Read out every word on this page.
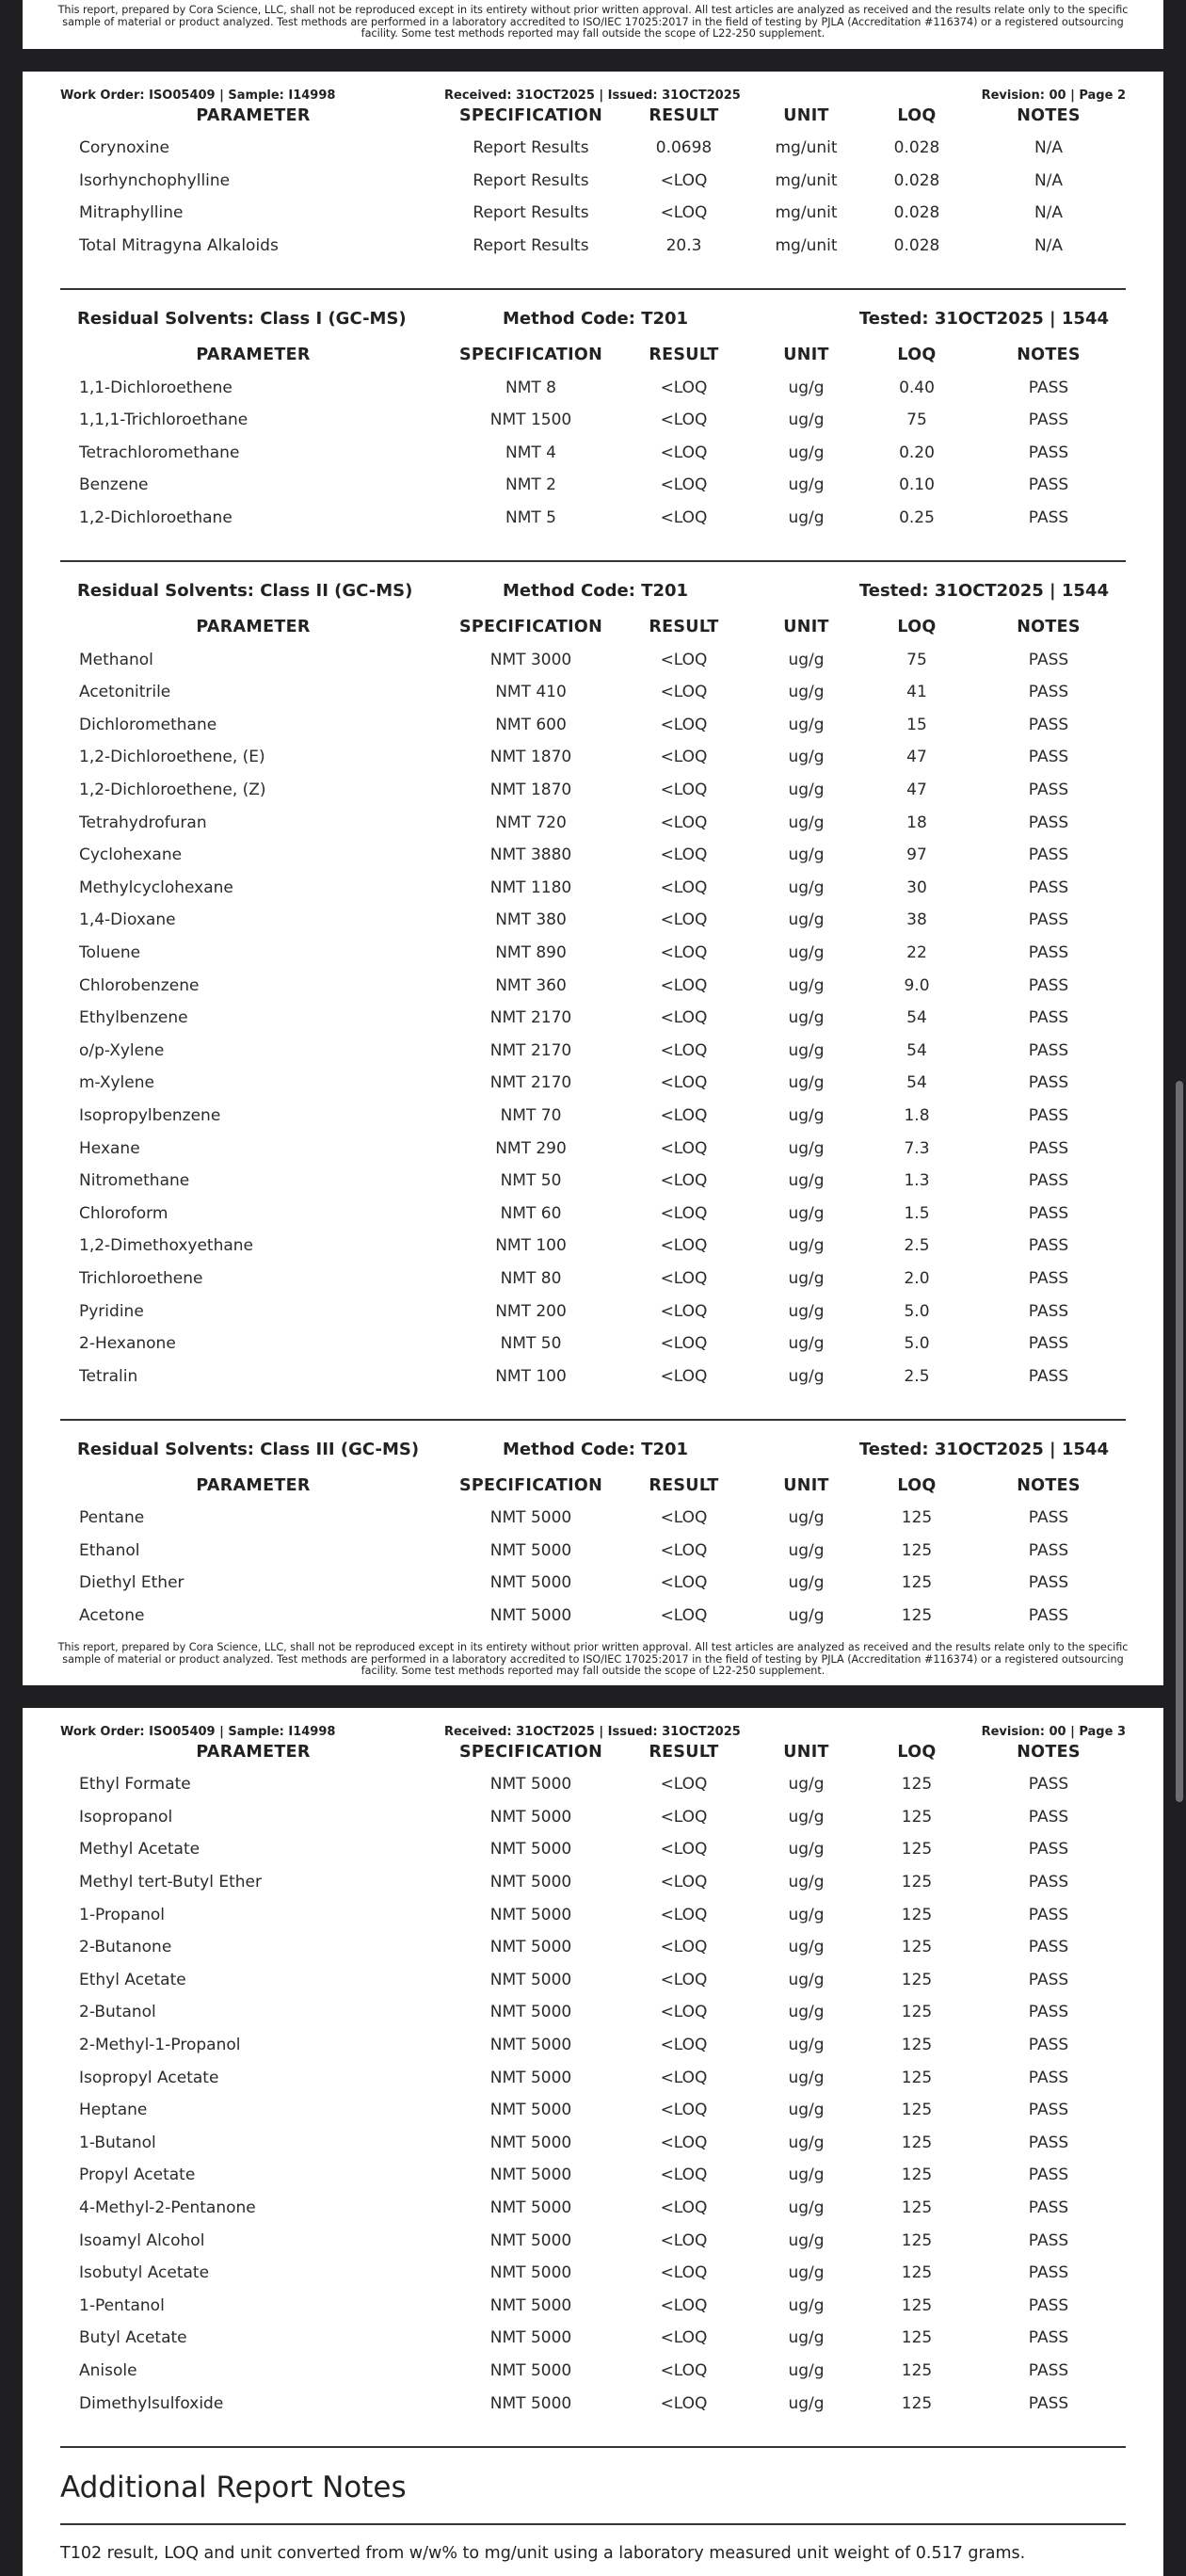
This report, prepared by Cora Science, LLC, shall not be reproduced except in its entirety without prior written approval. All test articles are analyzed as received and the results relate only to the specific sample of material or product analyzed. Test methods are performed in a laboratory accredited to ISO/IEC 17025:2017 in the field of testing by PJLA (Accreditation #116374) or a registered outsourcing facility. Some test methods reported may fall outside the scope of L22-250 supplement.
Work Order: ISO05409 | Sample: I14998	Received: 31OCT2025 | Issued: 31OCT2025	Revision: 00 | Page 2
PARAMETER	SPECIFICATION	RESULT	UNIT	LOQ	NOTES
Corynoxine	Report Results	0.0698	mg/unit	0.028	N/A
Isorhynchophylline	Report Results	<LOQ	mg/unit	0.028	N/A
Mitraphylline	Report Results	<LOQ	mg/unit	0.028	N/A
Total Mitragyna Alkaloids	Report Results	20.3	mg/unit	0.028	N/A
Residual Solvents: Class I (GC-MS)	Method Code: T201	Tested: 31OCT2025 | 1544
PARAMETER	SPECIFICATION	RESULT	UNIT	LOQ	NOTES
1,1-Dichloroethene	NMT 8	<LOQ	ug/g	0.40	PASS
1,1,1-Trichloroethane	NMT 1500	<LOQ	ug/g	75	PASS
Tetrachloromethane	NMT 4	<LOQ	ug/g	0.20	PASS
Benzene	NMT 2	<LOQ	ug/g	0.10	PASS
1,2-Dichloroethane	NMT 5	<LOQ	ug/g	0.25	PASS
Residual Solvents: Class II (GC-MS)	Method Code: T201	Tested: 31OCT2025 | 1544
PARAMETER	SPECIFICATION	RESULT	UNIT	LOQ	NOTES
Methanol	NMT 3000	<LOQ	ug/g	75	PASS
Acetonitrile	NMT 410	<LOQ	ug/g	41	PASS
Dichloromethane	NMT 600	<LOQ	ug/g	15	PASS
1,2-Dichloroethene, (E)	NMT 1870	<LOQ	ug/g	47	PASS
1,2-Dichloroethene, (Z)	NMT 1870	<LOQ	ug/g	47	PASS
Tetrahydrofuran	NMT 720	<LOQ	ug/g	18	PASS
Cyclohexane	NMT 3880	<LOQ	ug/g	97	PASS
Methylcyclohexane	NMT 1180	<LOQ	ug/g	30	PASS
1,4-Dioxane	NMT 380	<LOQ	ug/g	38	PASS
Toluene	NMT 890	<LOQ	ug/g	22	PASS
Chlorobenzene	NMT 360	<LOQ	ug/g	9.0	PASS
Ethylbenzene	NMT 2170	<LOQ	ug/g	54	PASS
o/p-Xylene	NMT 2170	<LOQ	ug/g	54	PASS
m-Xylene	NMT 2170	<LOQ	ug/g	54	PASS
Isopropylbenzene	NMT 70	<LOQ	ug/g	1.8	PASS
Hexane	NMT 290	<LOQ	ug/g	7.3	PASS
Nitromethane	NMT 50	<LOQ	ug/g	1.3	PASS
Chloroform	NMT 60	<LOQ	ug/g	1.5	PASS
1,2-Dimethoxyethane	NMT 100	<LOQ	ug/g	2.5	PASS
Trichloroethene	NMT 80	<LOQ	ug/g	2.0	PASS
Pyridine	NMT 200	<LOQ	ug/g	5.0	PASS
2-Hexanone	NMT 50	<LOQ	ug/g	5.0	PASS
Tetralin	NMT 100	<LOQ	ug/g	2.5	PASS
Residual Solvents: Class III (GC-MS)	Method Code: T201	Tested: 31OCT2025 | 1544
PARAMETER	SPECIFICATION	RESULT	UNIT	LOQ	NOTES
Pentane	NMT 5000	<LOQ	ug/g	125	PASS
Ethanol	NMT 5000	<LOQ	ug/g	125	PASS
Diethyl Ether	NMT 5000	<LOQ	ug/g	125	PASS
Acetone	NMT 5000	<LOQ	ug/g	125	PASS
This report, prepared by Cora Science, LLC, shall not be reproduced except in its entirety without prior written approval. All test articles are analyzed as received and the results relate only to the specific sample of material or product analyzed. Test methods are performed in a laboratory accredited to ISO/IEC 17025:2017 in the field of testing by PJLA (Accreditation #116374) or a registered outsourcing facility. Some test methods reported may fall outside the scope of L22-250 supplement.
Work Order: ISO05409 | Sample: I14998	Received: 31OCT2025 | Issued: 31OCT2025	Revision: 00 | Page 3
PARAMETER	SPECIFICATION	RESULT	UNIT	LOQ	NOTES
Ethyl Formate	NMT 5000	<LOQ	ug/g	125	PASS
Isopropanol	NMT 5000	<LOQ	ug/g	125	PASS
Methyl Acetate	NMT 5000	<LOQ	ug/g	125	PASS
Methyl tert-Butyl Ether	NMT 5000	<LOQ	ug/g	125	PASS
1-Propanol	NMT 5000	<LOQ	ug/g	125	PASS
2-Butanone	NMT 5000	<LOQ	ug/g	125	PASS
Ethyl Acetate	NMT 5000	<LOQ	ug/g	125	PASS
2-Butanol	NMT 5000	<LOQ	ug/g	125	PASS
2-Methyl-1-Propanol	NMT 5000	<LOQ	ug/g	125	PASS
Isopropyl Acetate	NMT 5000	<LOQ	ug/g	125	PASS
Heptane	NMT 5000	<LOQ	ug/g	125	PASS
1-Butanol	NMT 5000	<LOQ	ug/g	125	PASS
Propyl Acetate	NMT 5000	<LOQ	ug/g	125	PASS
4-Methyl-2-Pentanone	NMT 5000	<LOQ	ug/g	125	PASS
Isoamyl Alcohol	NMT 5000	<LOQ	ug/g	125	PASS
Isobutyl Acetate	NMT 5000	<LOQ	ug/g	125	PASS
1-Pentanol	NMT 5000	<LOQ	ug/g	125	PASS
Butyl Acetate	NMT 5000	<LOQ	ug/g	125	PASS
Anisole	NMT 5000	<LOQ	ug/g	125	PASS
Dimethylsulfoxide	NMT 5000	<LOQ	ug/g	125	PASS
Additional Report Notes
T102 result, LOQ and unit converted from w/w% to mg/unit using a laboratory measured unit weight of 0.517 grams.
